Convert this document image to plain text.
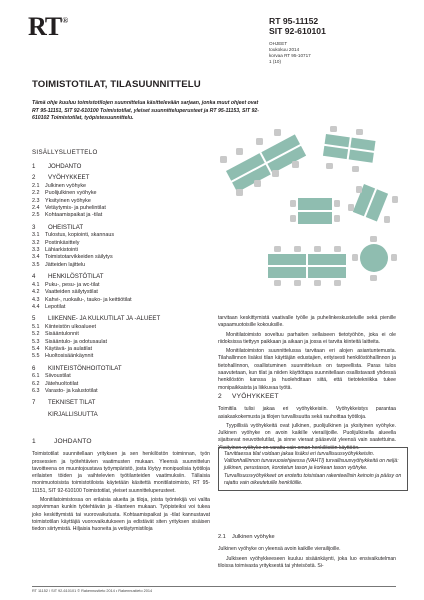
RT®	RT 95-11152
SIT 92-610101
OHJEET
toukokuu 2014
korvaa RT 95-10717
1 (10)
TOIMISTOTILAT, TILASUUNNITTELU
Tämä ohje kuuluu toimistotilojen suunnittelua käsittelevään sarjaan, jonka muut ohjeet ovat RT 95-11151, SIT 92-610100 Toimistotilat, yleiset suunnitteluperusteet ja RT 95-11153, SIT 92-610102 Toimistotilat, työpistesuunnittelu.
SISÄLLYSLUETTELO
1	JOHDANTO
2	VYÖHYKKEET
2.1	Julkinen vyöhyke
2.2	Puolijulkinen vyöhyke
2.3	Yksityinen vyöhyke
2.4	Vetäytymis- ja puhelintilat
2.5	Kohtaamispaikat ja -tilat
3	OHEISTILAT
3.1	Tulostus, kopiointi, skannaus
3.2	Postinkäsittely
3.3	Lähiarkistointi
3.4	Toimistotarvikkeiden säilytys
3.5	Jätteiden lajittelu
4	HENKILÖSTÖTILAT
4.1	Puku-, pesu- ja wc-tilat
4.2	Vaatteiden säilytystilat
4.3	Kahvi-, ruokailu-, tauko- ja keittiötilat
4.4	Lepotilat
5	LIIKENNE- JA KULKUTILAT JA -ALUEET
5.1	Kiinteistön ulkoalueet
5.2	Sisääntulonnit
5.3	Sisääntulo- ja odotusaulat
5.4	Käytävä- ja aulatilat
5.5	Huoltosisäänkäynnit
6	KIINTEISTÖNHOITOTILAT
6.1	Siivoustilat
6.2	Jätehuoltotilat
6.3	Varasto- ja kalustotilat
7	TEKNISET TILAT
KIRJALLISUUTTA
1	JOHDANTO

Toimistotilat suunnitellaan yrityksen ja sen henkilöstön toiminnan, työn prosessien ja työtehtävien vaatimusten mukaan. Yleensä suunnittelun tavoitteena on muuntojoustava työympäristö, josta löytyy monipuolisia työtiloja erilaisten töiden ja vaihtelevien työtilanteiden vaatimuksiin. Tällaisia monimuotoisista toimistotiloista käytetään käsitettä monitilatoimisto, RT 95-11151, SIT 92-610100 Toimistotilat, yleiset suunnitteluperusteet.

Monitilatoimistossa on erilaisia alueita ja tiloja, joista työntekijä voi valita sopivimman kunkin työtehtävän ja -tilanteen mukaan. Työpisteiksi voi tukea joko keskittymistä tai vuorovaikutusta. Kohtaamispaikat ja -tilat kannustavat toimistotilan käyttäjiä vuorovaikutukseen ja edistävät siten yrityksen sisäisen tiedon siirtymistä. Hiljaisia huoneita ja vetäytymistiloja

tarvitaan keskittymistä vaativalle työlle ja puhelinkeskusteluille sekä pienille vapaamuotoisille kokouksille.

Monitilatoimisto soveltuu parhaiten sellaiseen tietotyöhön, joka ei ole riidoksissa tiettyyn paikkaan ja aikaan ja jossa ei tarvita kiinteitä laitteita.

Monitilatoimiston suunnittelussa tarvitaan eri alojen asiantuntemusta. Tilahallinnon lisäksi tilan käyttäjän edustajien, erityisesti henkilöstöhallinnon ja tietohallinnon, osallistuminen suunnitteluun on tarpeellista. Paras tulos saavutetaan, kun tilat ja niiden käyttötapa suunnitellaan osallistavasti yhdessä henkilöstön kanssa ja huolehditaan siitä, että tietotekniikka tukee monipaikkaista ja liikkuvaa työtä.

2 VYÖHYKKEET

Toimitila tulisi jakaa eri vyöhykkeisiin. Vyöhykkeistys parantaa asiakaskokemusta ja tilojen turvallisuutta sekä rauhoittaa työtiloja.

Tyypillisiä vyöhykkeitä ovat julkinen, puolijulkinen ja yksityinen vyöhyke. Julkinen vyöhyke on avoin kaikille vierailijoille. Puolijulkisella alueella sijaitsevat neuvottelutilat, ja sinne vieraat pääsevät yleensä vain saatettuina. Yksityinen vyöhyke on varattu vain oman henkilöstön käyttöön.

Tarvittaessa tilat voidaan jakaa lisäksi eri turvallisuusvyöhykkeisiin. Valtionhallinnon turvavuosiehjeessa (VAHTI) turvallisuusvyöhykkeitä on neljä: julkinen, perustason, korotetun tason ja korkean tason vyöhyke. Turvallisuusvyöhykkeet on erotettu toisistaan rakenteellisin keinoin ja pääsy on rajattu vain oikeutetuille henkilöille.
2.1 Julkinen vyöhyke

Julkinen vyöhyke on yleensä avoin kaikille vierailijoille.

Julkiseen vyöhykkeeseen kuuluu sisäänkäynti, joka luo ensivaikutelman tiloissa toimivasta yrityksestä tai yhteisöstä. Si-

RT 11152 / SIT 92-610101 © Rakennustieto 2014 • Rakennustieto 2014
